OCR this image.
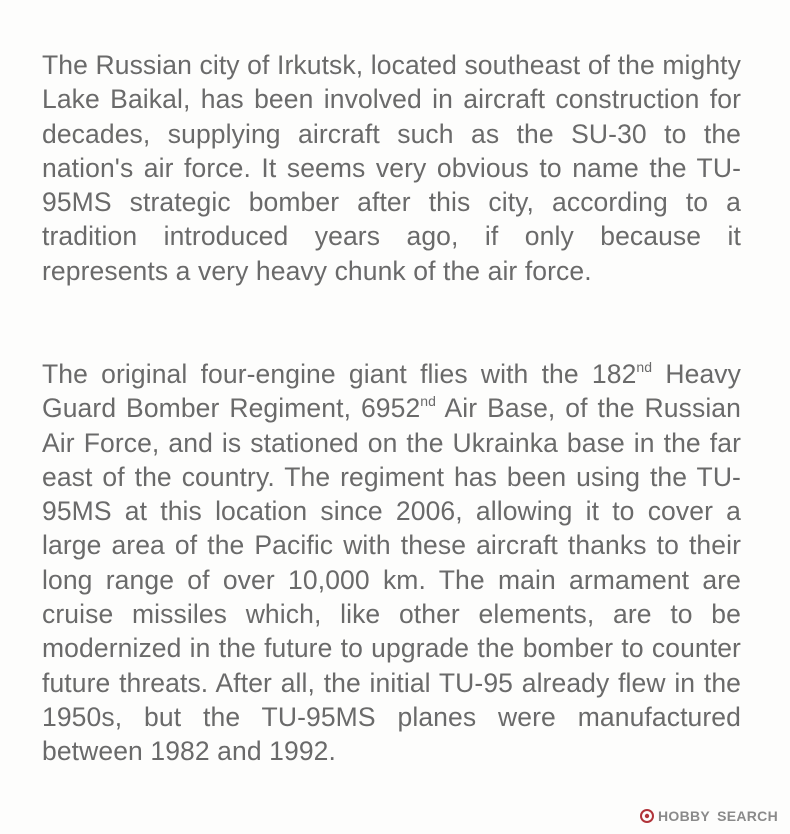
The Russian city of Irkutsk, located southeast of the mighty Lake Baikal, has been involved in aircraft construction for decades, supplying aircraft such as the SU-30 to the nation's air force. It seems very obvious to name the TU-95MS strategic bomber after this city, according to a tradition introduced years ago, if only because it represents a very heavy chunk of the air force.
The original four-engine giant flies with the 182nd Heavy Guard Bomber Regiment, 6952nd Air Base, of the Russian Air Force, and is stationed on the Ukrainka base in the far east of the country. The regiment has been using the TU-95MS at this location since 2006, allowing it to cover a large area of the Pacific with these aircraft thanks to their long range of over 10,000 km. The main armament are cruise missiles which, like other elements, are to be modernized in the future to upgrade the bomber to counter future threats. After all, the initial TU-95 already flew in the 1950s, but the TU-95MS planes were manufactured between 1982 and 1992.
HOBBY SEARCH
